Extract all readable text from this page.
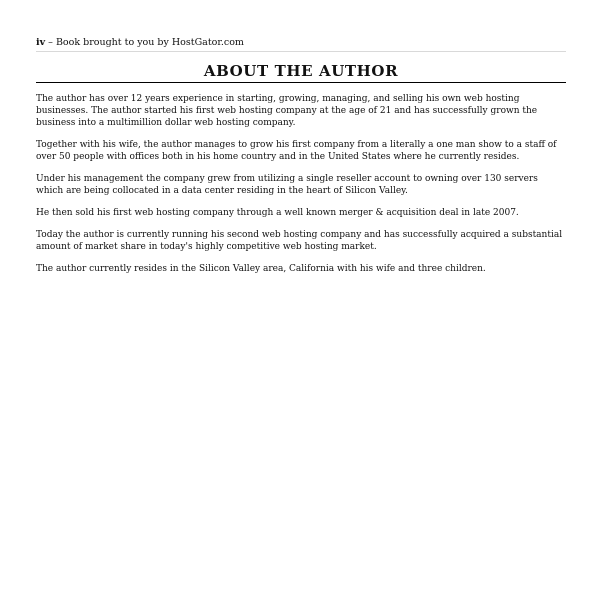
iv – Book brought to you by HostGator.com
ABOUT THE AUTHOR

The author has over 12 years experience in starting, growing, managing, and selling his own web hosting businesses. The author started his first web hosting company at the age of 21 and has successfully grown the business into a multimillion dollar web hosting company.

Together with his wife, the author manages to grow his first company from a literally a one man show to a staff of over 50 people with offices both in his home country and in the United States where he currently resides.

Under his management the company grew from utilizing a single reseller account to owning over 130 servers which are being collocated in a data center residing in the heart of Silicon Valley.

He then sold his first web hosting company through a well known merger & acquisition deal in late 2007.

Today the author is currently running his second web hosting company and has successfully acquired a substantial amount of market share in today's highly competitive web hosting market.

The author currently resides in the Silicon Valley area, California with his wife and three children.
